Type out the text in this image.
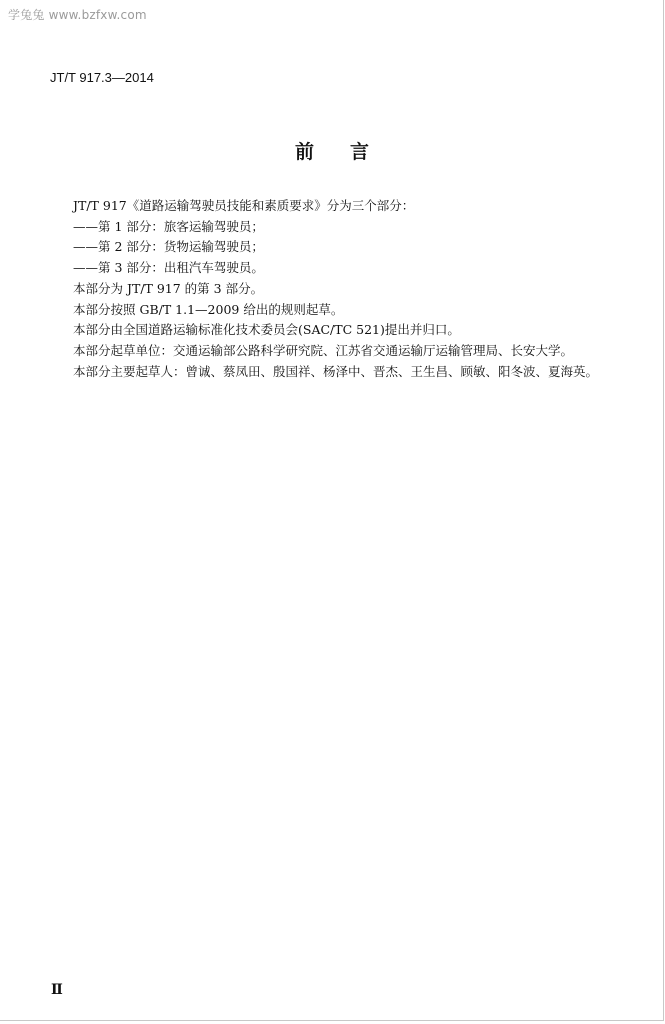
学兔兔 www.bzfxw.com
JT/T 917.3—2014
前言

JT/T 917《道路运输驾驶员技能和素质要求》分为三个部分：

——第 1 部分：旅客运输驾驶员；

——第 2 部分：货物运输驾驶员；

——第 3 部分：出租汽车驾驶员。

本部分为 JT/T 917 的第 3 部分。

本部分按照 GB/T 1.1—2009 给出的规则起草。

本部分由全国道路运输标准化技术委员会(SAC/TC 521)提出并归口。

本部分起草单位：交通运输部公路科学研究院、江苏省交通运输厅运输管理局、长安大学。

本部分主要起草人：曾诚、蔡凤田、殷国祥、杨泽中、晋杰、王生昌、顾敏、阳冬波、夏海英。

Ⅱ
